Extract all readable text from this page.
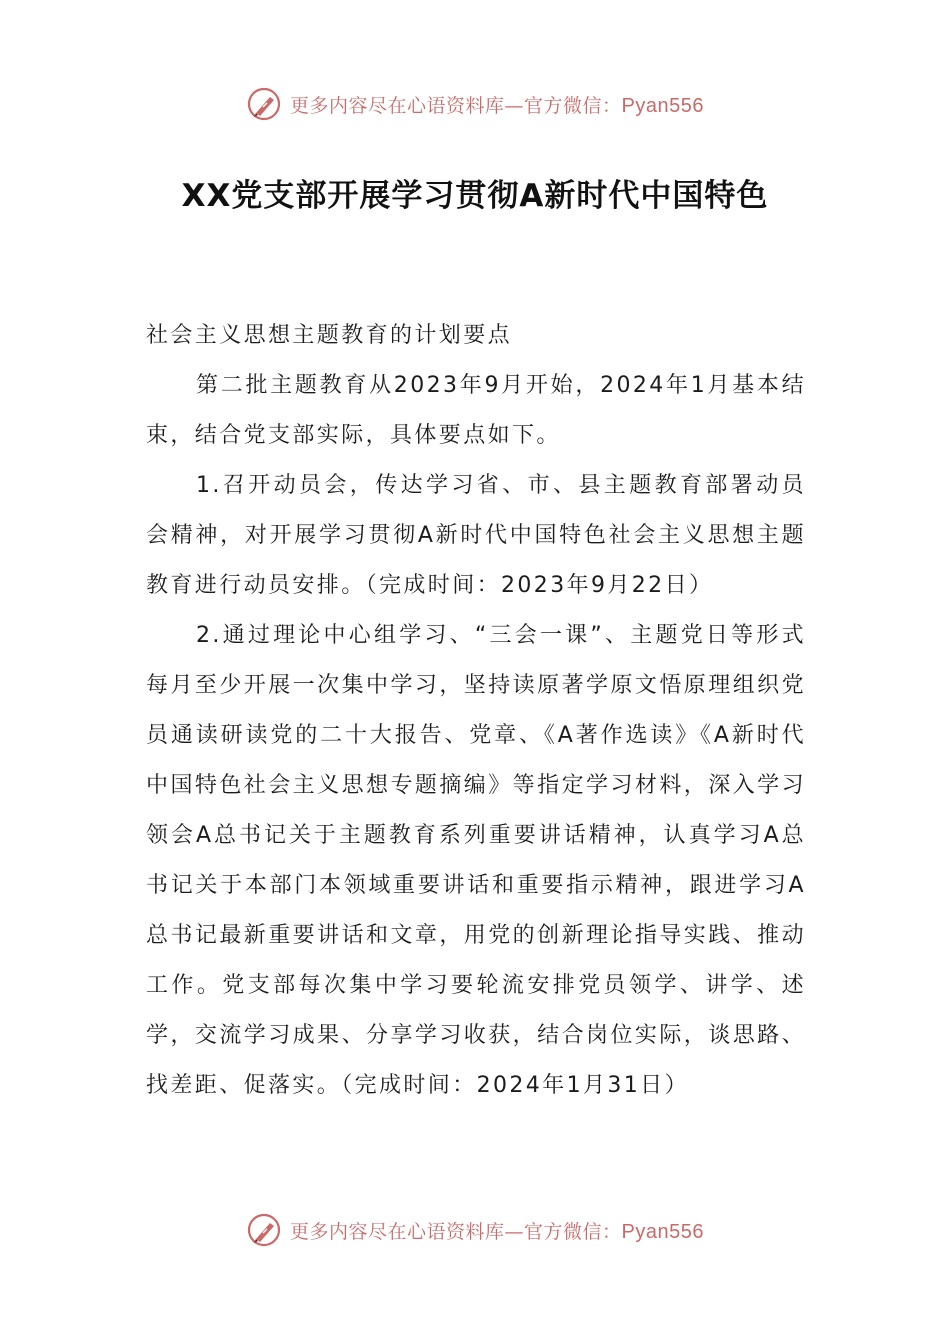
更多内容尽在心语资料库—官方微信：Pyan556
XX党支部开展学习贯彻A新时代中国特色

社会主义思想主题教育的计划要点

第二批主题教育从2023年9月开始，2024年1月基本结束，结合党支部实际，具体要点如下。

1.召开动员会，传达学习省、市、县主题教育部署动员会精神，对开展学习贯彻A新时代中国特色社会主义思想主题教育进行动员安排。（完成时间：2023年9月22日）

2.通过理论中心组学习、“三会一课”、主题党日等形式每月至少开展一次集中学习，坚持读原著学原文悟原理组织党员通读研读党的二十大报告、党章、《A著作选读》《A新时代中国特色社会主义思想专题摘编》等指定学习材料，深入学习领会A总书记关于主题教育系列重要讲话精神，认真学习A总书记关于本部门本领域重要讲话和重要指示精神，跟进学习A总书记最新重要讲话和文章，用党的创新理论指导实践、推动工作。党支部每次集中学习要轮流安排党员领学、讲学、述学，交流学习成果、分享学习收获，结合岗位实际，谈思路、找差距、促落实。（完成时间：2024年1月31日）

更多内容尽在心语资料库—官方微信：Pyan556
